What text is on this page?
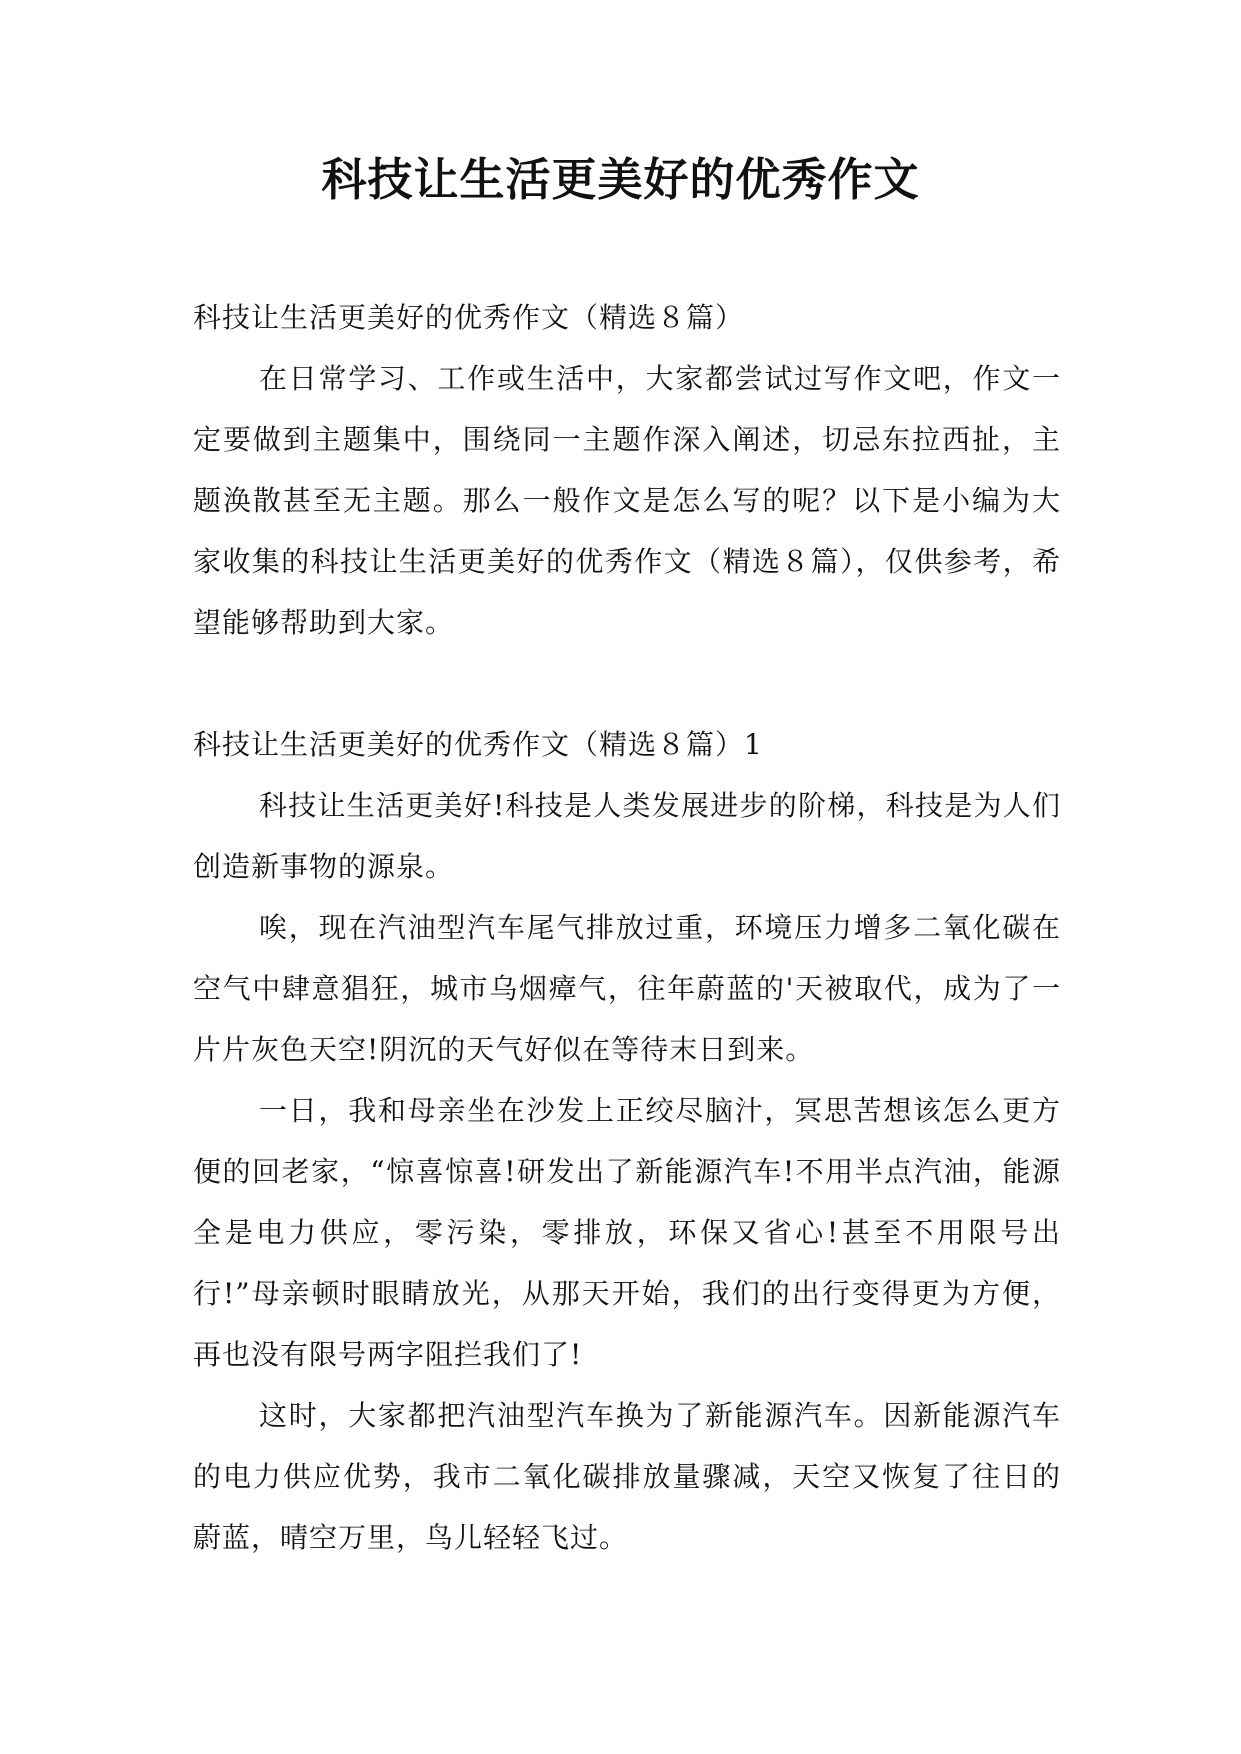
科技让生活更美好的优秀作文

科技让生活更美好的优秀作文（精选８篇）

在日常学习、工作或生活中，大家都尝试过写作文吧，作文一定要做到主题集中，围绕同一主题作深入阐述，切忌东拉西扯，主题涣散甚至无主题。那么一般作文是怎么写的呢？以下是小编为大家收集的科技让生活更美好的优秀作文（精选８篇），仅供参考，希望能够帮助到大家。

科技让生活更美好的优秀作文（精选８篇）1

科技让生活更美好!科技是人类发展进步的阶梯，科技是为人们创造新事物的源泉。

唉，现在汽油型汽车尾气排放过重，环境压力增多二氧化碳在空气中肆意猖狂，城市乌烟瘴气，往年蔚蓝的'天被取代，成为了一片片灰色天空!阴沉的天气好似在等待末日到来。

一日，我和母亲坐在沙发上正绞尽脑汁，冥思苦想该怎么更方便的回老家，“惊喜惊喜!研发出了新能源汽车!不用半点汽油，能源全是电力供应，零污染，零排放，环保又省心!甚至不用限号出行!”母亲顿时眼睛放光，从那天开始，我们的出行变得更为方便，再也没有限号两字阻拦我们了!

这时，大家都把汽油型汽车换为了新能源汽车。因新能源汽车的电力供应优势，我市二氧化碳排放量骤减，天空又恢复了往日的蔚蓝，晴空万里，鸟儿轻轻飞过。
